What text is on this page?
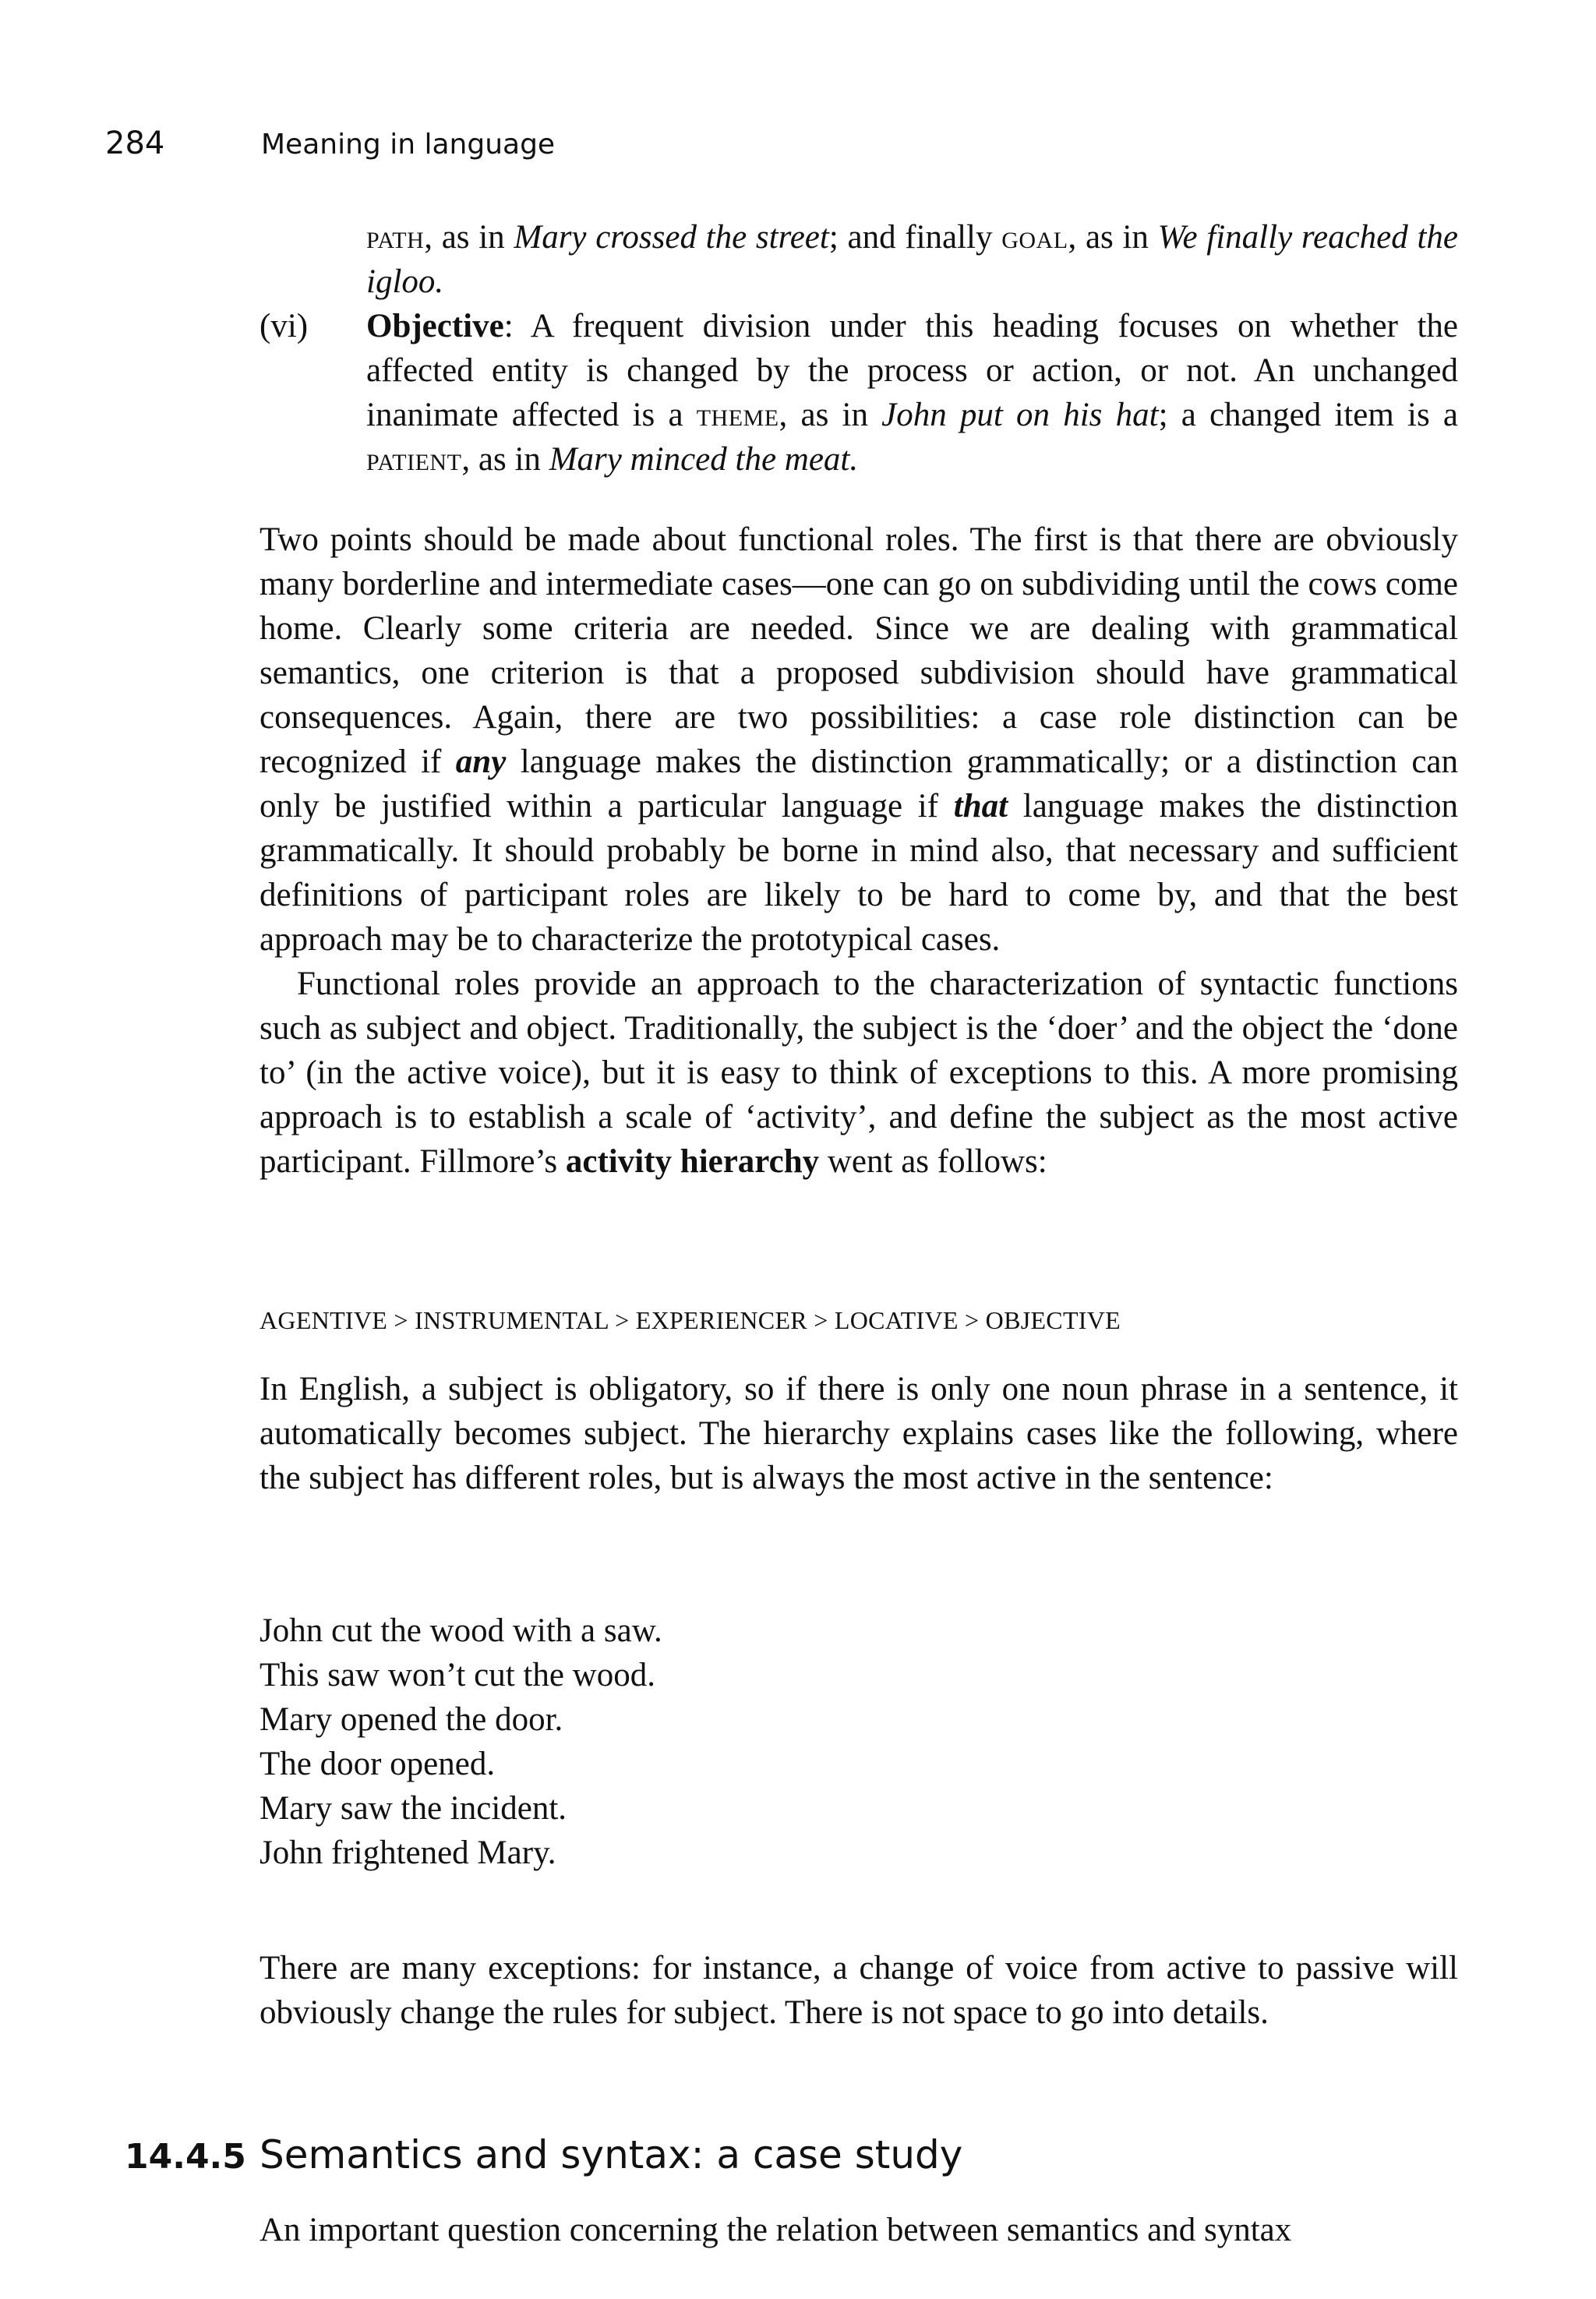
284	Meaning in language

path, as in Mary crossed the street; and finally goal, as in We finally reached the igloo.

(vi) Objective: A frequent division under this heading focuses on whether the affected entity is changed by the process or action, or not. An unchanged inanimate affected is a theme, as in John put on his hat; a changed item is a patient, as in Mary minced the meat.

Two points should be made about functional roles. The first is that there are obviously many borderline and intermediate cases—one can go on subdividing until the cows come home. Clearly some criteria are needed. Since we are dealing with grammatical semantics, one criterion is that a proposed subdivision should have grammatical consequences. Again, there are two possibilities: a case role distinction can be recognized if any language makes the distinction grammatically; or a distinction can only be justified within a particular language if that language makes the distinction grammatically. It should probably be borne in mind also, that necessary and sufficient definitions of participant roles are likely to be hard to come by, and that the best approach may be to characterize the prototypical cases.

Functional roles provide an approach to the characterization of syntactic functions such as subject and object. Traditionally, the subject is the ‘doer’ and the object the ‘done to’ (in the active voice), but it is easy to think of exceptions to this. A more promising approach is to establish a scale of ‘activity’, and define the subject as the most active participant. Fillmore’s activity hierarchy went as follows:

AGENTIVE > INSTRUMENTAL > EXPERIENCER > LOCATIVE > OBJECTIVE

In English, a subject is obligatory, so if there is only one noun phrase in a sentence, it automatically becomes subject. The hierarchy explains cases like the following, where the subject has different roles, but is always the most active in the sentence:

John cut the wood with a saw.
This saw won’t cut the wood.
Mary opened the door.
The door opened.
Mary saw the incident.
John frightened Mary.

There are many exceptions: for instance, a change of voice from active to passive will obviously change the rules for subject. There is not space to go into details.

14.4.5 Semantics and syntax: a case study

An important question concerning the relation between semantics and syntax
